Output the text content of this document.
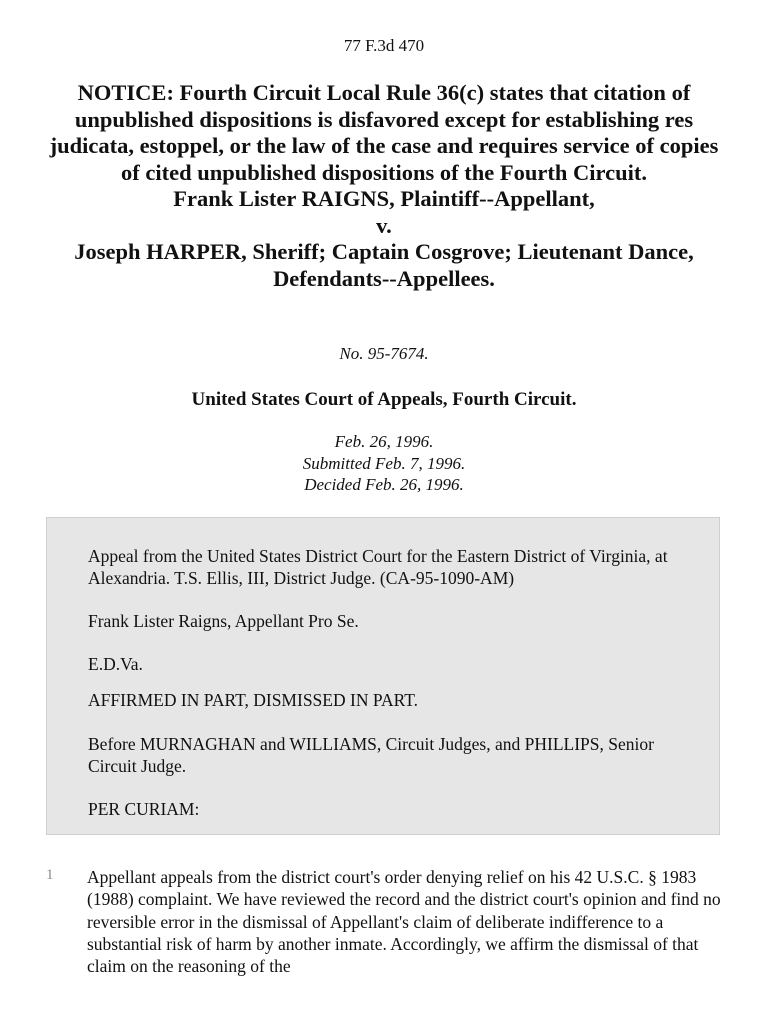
77 F.3d 470
NOTICE: Fourth Circuit Local Rule 36(c) states that citation of unpublished dispositions is disfavored except for establishing res judicata, estoppel, or the law of the case and requires service of copies of cited unpublished dispositions of the Fourth Circuit.
Frank Lister RAIGNS, Plaintiff--Appellant,
v.
Joseph HARPER, Sheriff; Captain Cosgrove; Lieutenant Dance, Defendants--Appellees.
No. 95-7674.
United States Court of Appeals, Fourth Circuit.
Feb. 26, 1996.
Submitted Feb. 7, 1996.
Decided Feb. 26, 1996.

Appeal from the United States District Court for the Eastern District of Virginia, at Alexandria. T.S. Ellis, III, District Judge. (CA-95-1090-AM)

Frank Lister Raigns, Appellant Pro Se.

E.D.Va.

AFFIRMED IN PART, DISMISSED IN PART.

Before MURNAGHAN and WILLIAMS, Circuit Judges, and PHILLIPS, Senior Circuit Judge.

PER CURIAM:

1 Appellant appeals from the district court's order denying relief on his 42 U.S.C. § 1983 (1988) complaint. We have reviewed the record and the district court's opinion and find no reversible error in the dismissal of Appellant's claim of deliberate indifference to a substantial risk of harm by another inmate. Accordingly, we affirm the dismissal of that claim on the reasoning of the
